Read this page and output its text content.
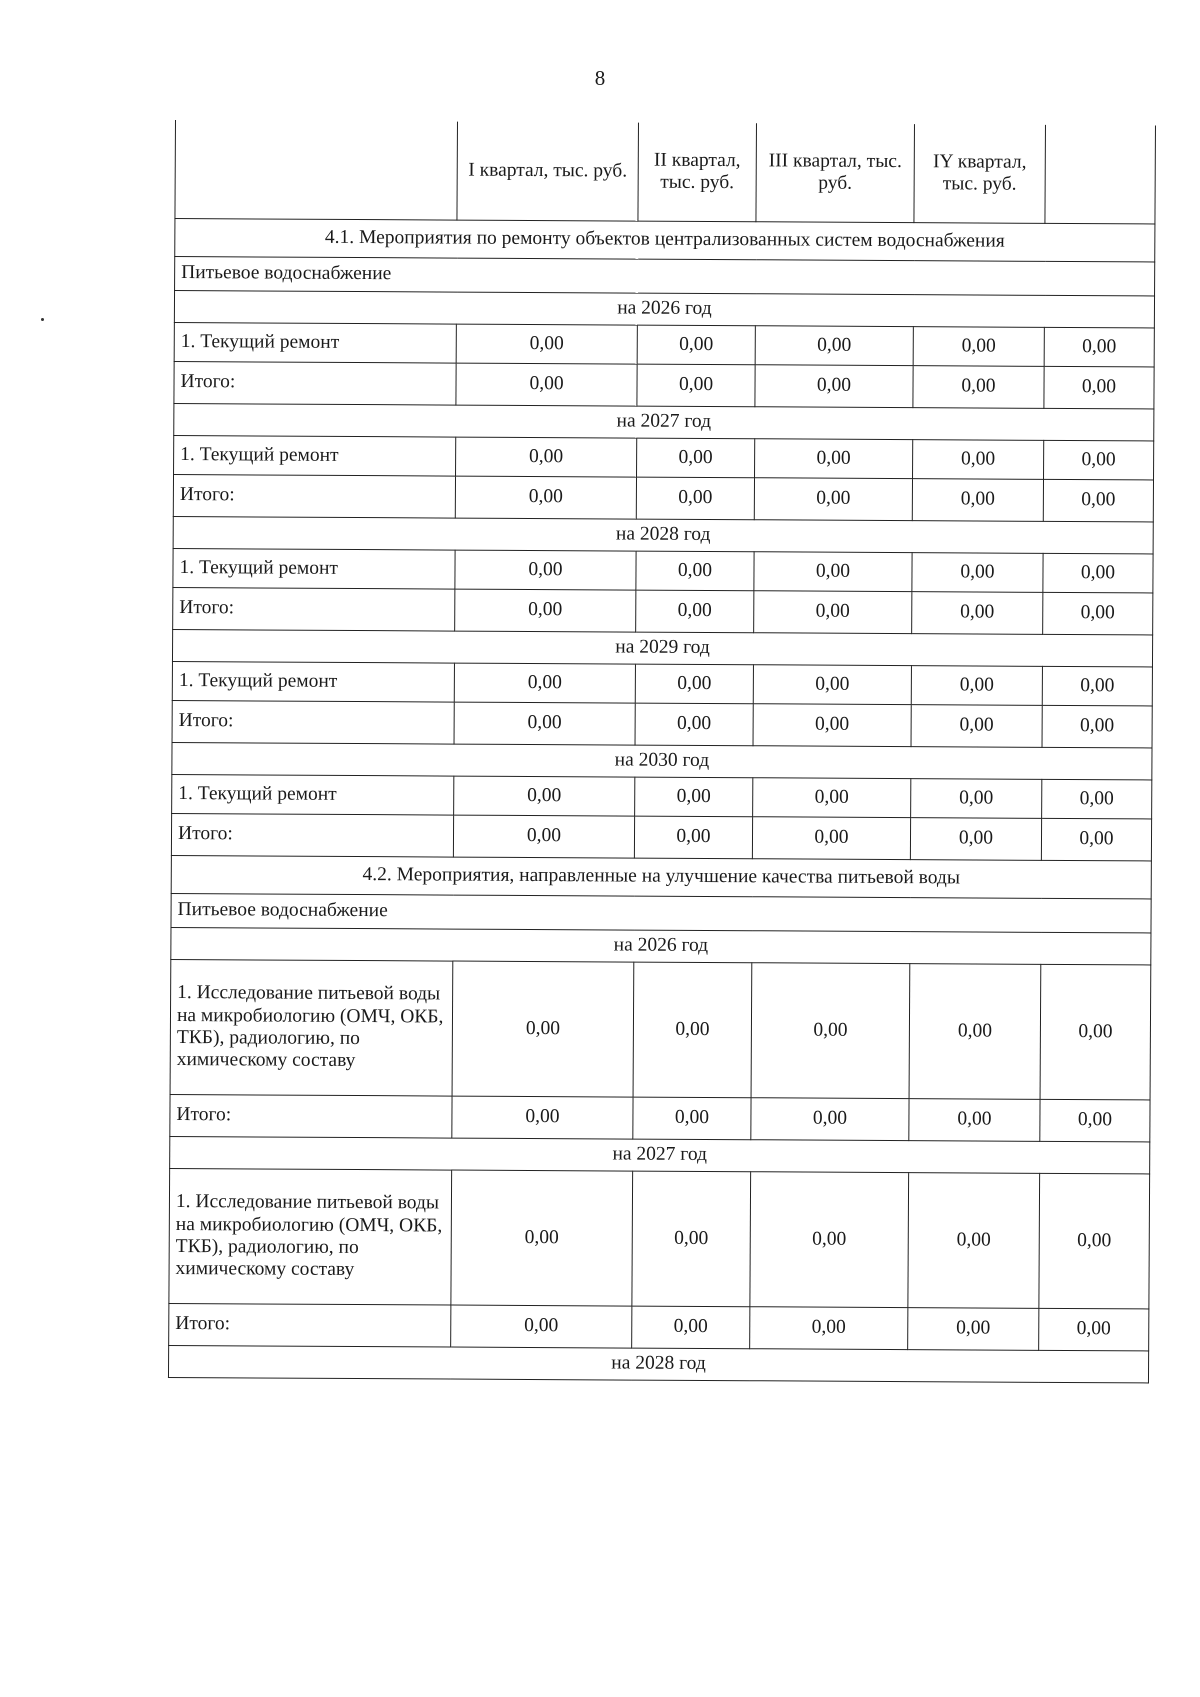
8
	I квартал, тыс. руб.	II квартал, тыс. руб.	III квартал, тыс. руб.	IY квартал, тыс. руб.	
4.1. Мероприятия по ремонту объектов централизованных систем водоснабжения					
Питьевое водоснабжение					
на 2026 год					
1. Текущий ремонт	0,00	0,00	0,00	0,00	0,00
Итого:	0,00	0,00	0,00	0,00	0,00
на 2027 год					
1. Текущий ремонт	0,00	0,00	0,00	0,00	0,00
Итого:	0,00	0,00	0,00	0,00	0,00
на 2028 год					
1. Текущий ремонт	0,00	0,00	0,00	0,00	0,00
Итого:	0,00	0,00	0,00	0,00	0,00
на 2029 год					
1. Текущий ремонт	0,00	0,00	0,00	0,00	0,00
Итого:	0,00	0,00	0,00	0,00	0,00
на 2030 год					
1. Текущий ремонт	0,00	0,00	0,00	0,00	0,00
Итого:	0,00	0,00	0,00	0,00	0,00
4.2. Мероприятия, направленные на улучшение качества питьевой воды					
Питьевое водоснабжение					
на 2026 год					
1. Исследование питьевой воды на микробиологию (ОМЧ, ОКБ, ТКБ), радиологию, по химическому составу	0,00	0,00	0,00	0,00	0,00
Итого:	0,00	0,00	0,00	0,00	0,00
на 2027 год					
1. Исследование питьевой воды на микробиологию (ОМЧ, ОКБ, ТКБ), радиологию, по химическому составу	0,00	0,00	0,00	0,00	0,00
Итого:	0,00	0,00	0,00	0,00	0,00
на 2028 год					
